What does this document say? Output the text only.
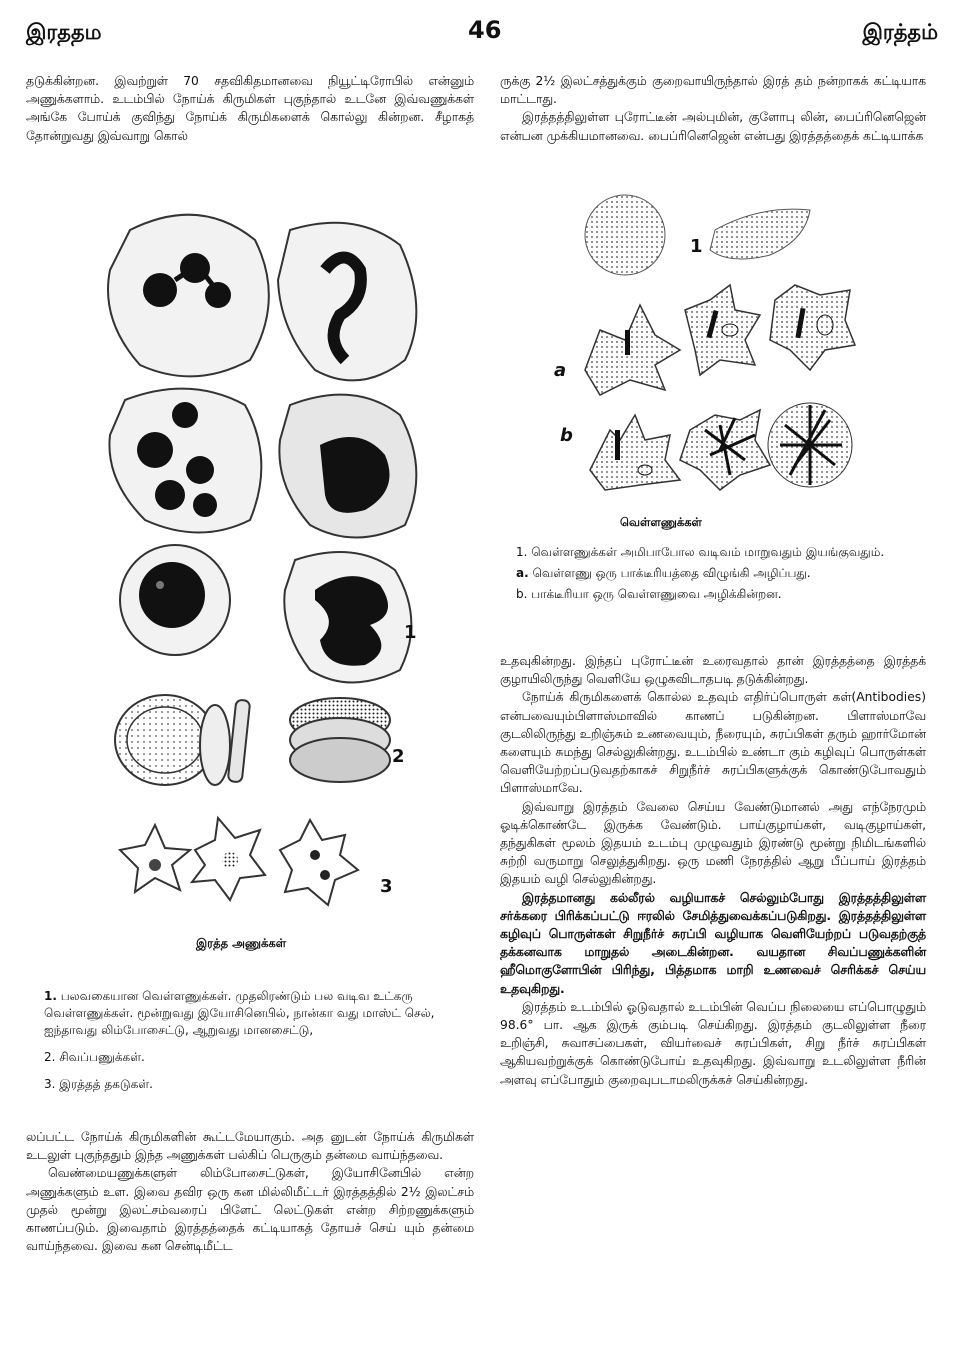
இரததம	46	இரத்தம்

தடுக்கின்றன. இவற்றுள் 70 சதவிகிதமானவை நியூட்டிரோபில் என்னும் அணுக்களாம். உடம்பில் நோய்க் கிருமிகள் புகுந்தால் உடனே இவ்வணுக்கள் அங்கே போய்க் குவிந்து நோய்க் கிருமிகளைக் கொல்லு கின்றன. சீழாகத் தோன்றுவது இவ்வாறு கொல்

1
2
3
இரத்த அணுக்கள்

1. பலவகையான வெள்ளணுக்கள். முதலிரண்டும் பல வடிவ உட்கரு வெள்ளணுக்கள். மூன்றுவது இயோசினெபில், நான்கா வது மாஸ்ட் செல், ஐந்தாவது லிம்போசைட்டு, ஆறுவது மானசைட்டு,

2. சிவப்பணுக்கள்.

3. இரத்தத் தகடுகள்.

லப்பட்ட நோய்க் கிருமிகளின் கூட்டமேயாகும். அத னுடன் நோய்க் கிருமிகள் உடலுள் புகுந்ததும் இந்த அணுக்கள் பல்கிப் பெருகும் தன்மை வாய்ந்தவை.

வெண்மையணுக்களுள் லிம்போசைட்டுகள், இயோசினேபில் என்ற அணுக்களும் உள. இவை தவிர ஒரு கன மில்லிமீட்டர் இரத்தத்தில் 2½ இலட்சம் முதல் மூன்று இலட்சம்வரைப் பிளேட் லெட்டுகள் என்ற சிற்றணுக்களும் காணப்படும். இவைதாம் இரத்தத்தைக் கட்டியாகத் தோயச் செய் யும் தன்மை வாய்ந்தவை. இவை கன சென்டிமீட்ட

ருக்கு 2½ இலட்சத்துக்கும் குறைவாயிருந்தால் இரத் தம் நன்றாகக் கட்டியாக மாட்டாது.

இரத்தத்திலுள்ள புரோட்டீன் அல்புமின், குளோபு லின், பைப்ரினெஜென் என்பன முக்கியமானவை. பைப்ரினெஜென் என்பது இரத்தத்தைக் கட்டியாக்க

1
a
b
வெள்ளணுக்கள்

1. வெள்ளணுக்கள் அமிபாபோல வடிவம் மாறுவதும் இயங்குவதும்.

a. வெள்ளணு ஒரு பாக்டீரியத்தை விழுங்கி அழிப்பது.

b. பாக்டீரியா ஒரு வெள்ளணுவை அழிக்கின்றன.

உதவுகின்றது. இந்தப் புரோட்டீன் உரைவதால் தான் இரத்தத்தை இரத்தக் குழாயிலிருந்து வெளியே ஒழுகவிடாதபடி தடுக்கின்றது.

நோய்க் கிருமிகளைக் கொல்ல உதவும் எதிர்ப்பொருள் கள்(Antibodies) என்பவையும்பிளாஸ்மாவில் காணப் படுகின்றன. பிளாஸ்மாவே குடலிலிருந்து உறிஞ்சும் உணவையும், நீரையும், சுரப்பிகள் தரும் ஹார்மோன் களையும் சுமந்து செல்லுகின்றது. உடம்பில் உண்டா கும் கழிவுப் பொருள்கள் வெளியேற்றப்படுவதற்காகச் சிறுநீர்ச் சுரப்பிகளுக்குக் கொண்டுபோவதும் பிளாஸ்மாவே.

இவ்வாறு இரத்தம் வேலை செய்ய வேண்டுமானல் அது எந்நேரமும் ஓடிக்கொண்டே இருக்க வேண்டும். பாய்குழாய்கள், வடிகுழாய்கள், தந்துகிகள் மூலம் இதயம் உடம்பு முழுவதும் இரண்டு மூன்று நிமிடங்களில் சுற்றி வருமாறு செலுத்துகிறது. ஒரு மணி நேரத்தில் ஆறு பீப்பாய் இரத்தம் இதயம் வழி செல்லுகின்றது.

இரத்தமானது கல்லீரல் வழியாகச் செல்லும்போது இரத்தத்திலுள்ள சர்க்கரை பிரிக்கப்பட்டு ஈரலில் சேமித்துவைக்கப்படுகிறது. இரத்தத்திலுள்ள கழிவுப் பொருள்கள் சிறுநீர்ச் சுரப்பி வழியாக வெளியேற்றப் படுவதற்குத் தக்கனவாக மாறுதல் அடைகின்றன. வயதான சிவப்பணுக்களின் ஹீமொகுளோபின் பிரிந்து, பித்தமாக மாறி உணவைச் செரிக்கச் செய்ய உதவுகிறது.

இரத்தம் உடம்பில் ஓடுவதால் உடம்பின் வெப்ப நிலையை எப்பொழுதும் 98.6° பா. ஆக இருக் கும்படி செய்கிறது. இரத்தம் குடலிலுள்ள நீரை உறிஞ்சி, சுவாசப்பைகள், வியர்வைச் சுரப்பிகள், சிறு நீர்ச் சுரப்பிகள் ஆகியவற்றுக்குக் கொண்டுபோய் உதவுகிறது. இவ்வாறு உடலிலுள்ள நீரின் அளவு எப்போதும் குறைவுபடாமலிருக்கச் செய்கின்றது.
